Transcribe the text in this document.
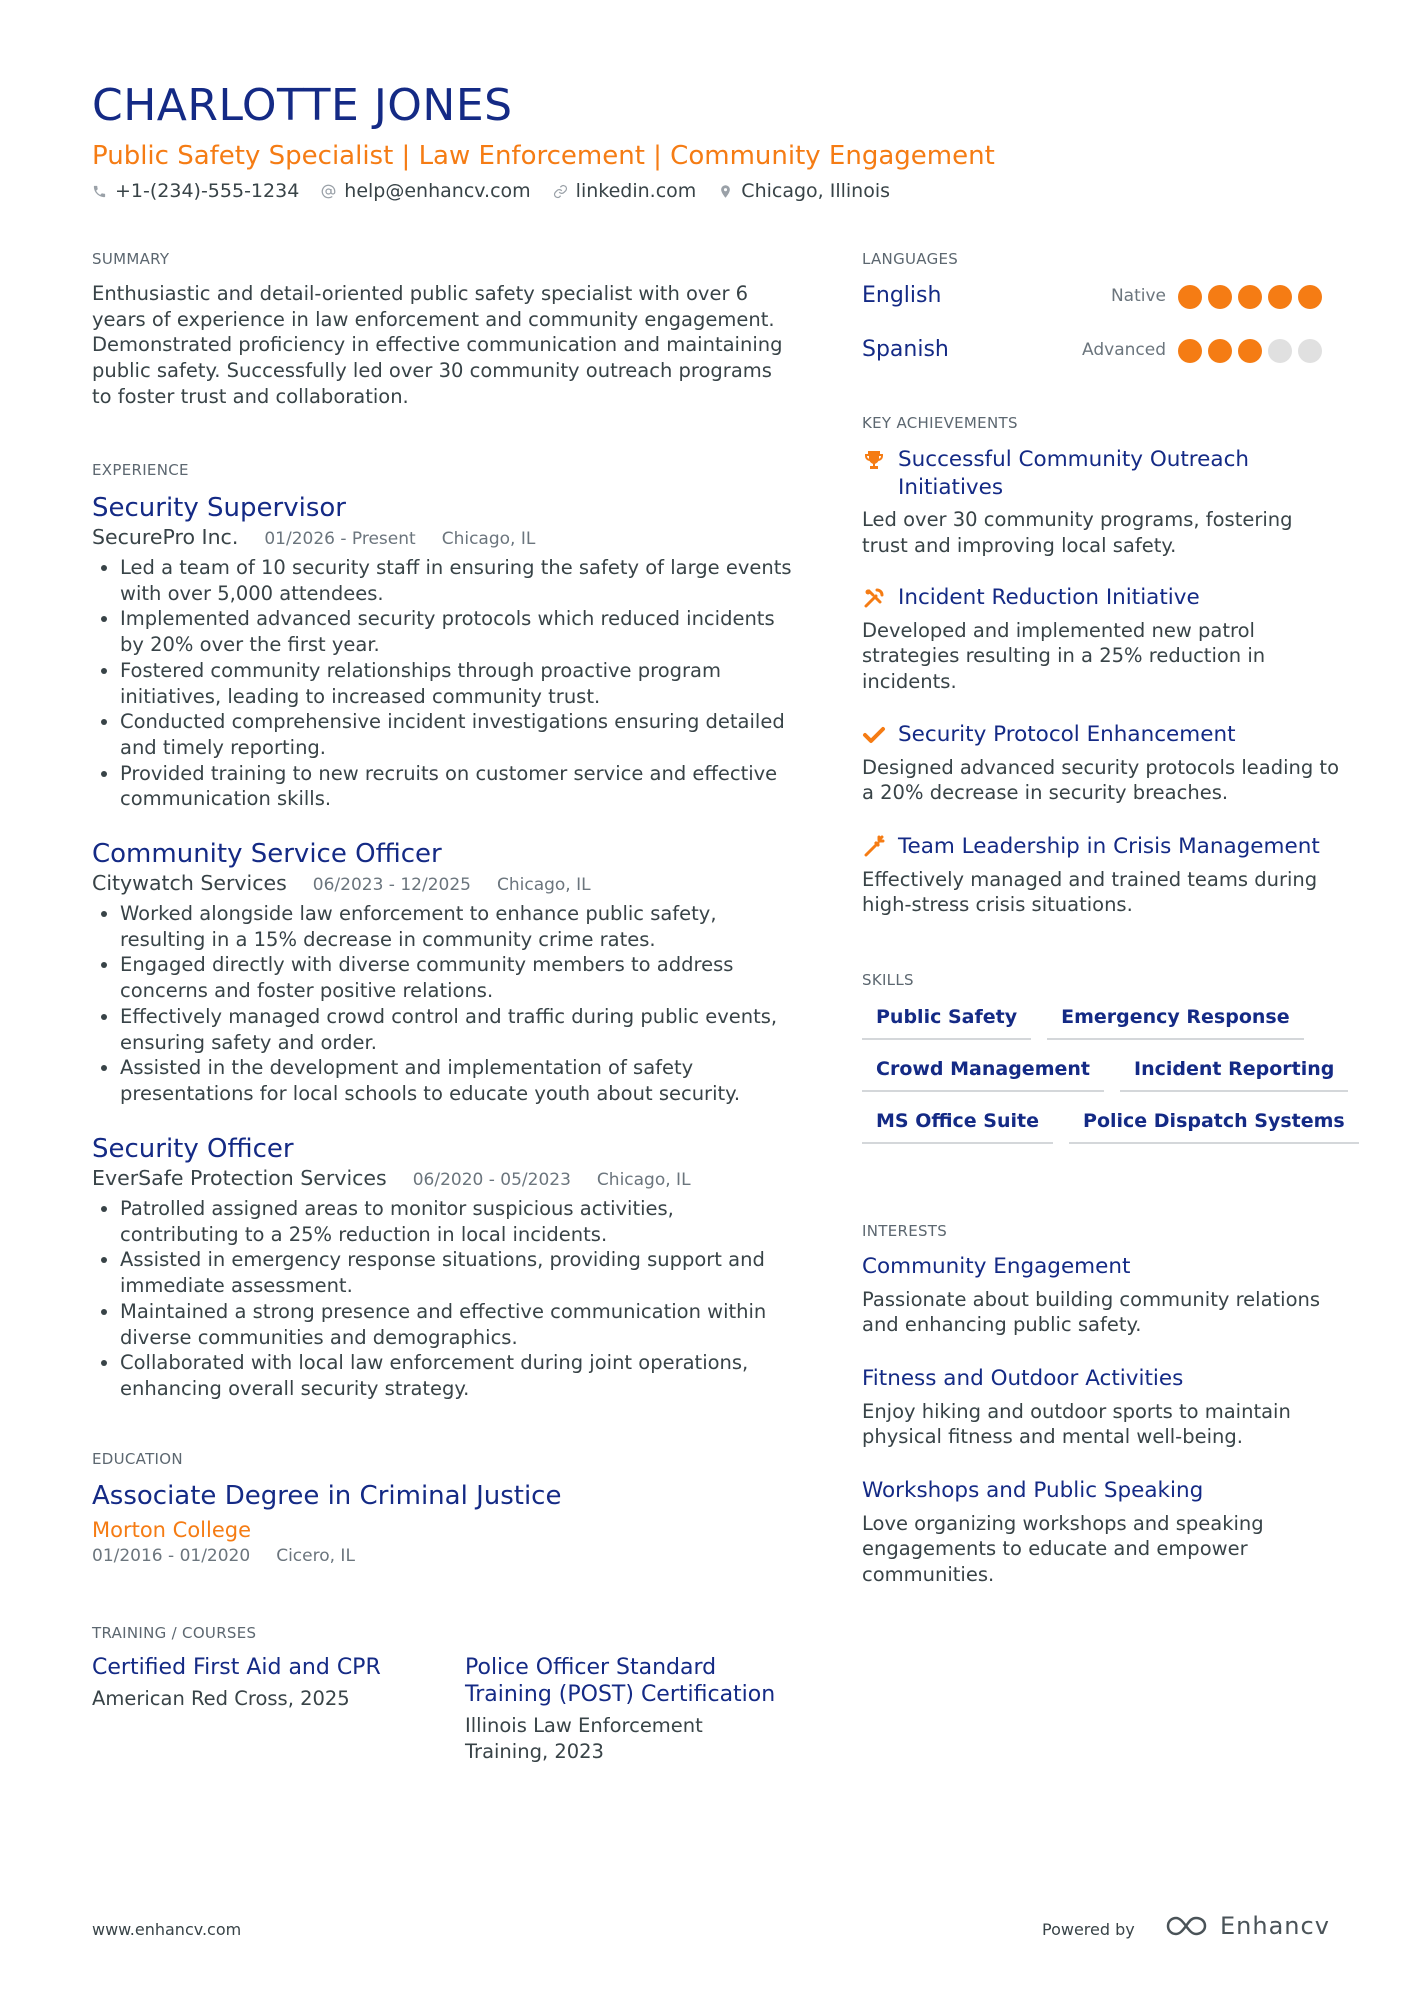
CHARLOTTE JONES
Public Safety Specialist | Law Enforcement | Community Engagement
+1-(234)-555-1234 help@enhancv.com linkedin.com Chicago, Illinois
SUMMARY
Enthusiastic and detail-oriented public safety specialist with over 6 years of experience in law enforcement and community engagement. Demonstrated proficiency in effective communication and maintaining public safety. Successfully led over 30 community outreach programs to foster trust and collaboration.
EXPERIENCE
Security Supervisor
SecurePro Inc. 01/2026 - Present Chicago, IL
• Led a team of 10 security staff in ensuring the safety of large events with over 5,000 attendees.
• Implemented advanced security protocols which reduced incidents by 20% over the first year.
• Fostered community relationships through proactive program initiatives, leading to increased community trust.
• Conducted comprehensive incident investigations ensuring detailed and timely reporting.
• Provided training to new recruits on customer service and effective communication skills.
Community Service Officer
Citywatch Services 06/2023 - 12/2025 Chicago, IL
• Worked alongside law enforcement to enhance public safety, resulting in a 15% decrease in community crime rates.
• Engaged directly with diverse community members to address concerns and foster positive relations.
• Effectively managed crowd control and traffic during public events, ensuring safety and order.
• Assisted in the development and implementation of safety presentations for local schools to educate youth about security.
Security Officer
EverSafe Protection Services 06/2020 - 05/2023 Chicago, IL
• Patrolled assigned areas to monitor suspicious activities, contributing to a 25% reduction in local incidents.
• Assisted in emergency response situations, providing support and immediate assessment.
• Maintained a strong presence and effective communication within diverse communities and demographics.
• Collaborated with local law enforcement during joint operations, enhancing overall security strategy.
EDUCATION
Associate Degree in Criminal Justice
Morton College
01/2016 - 01/2020 Cicero, IL
TRAINING / COURSES
Certified First Aid and CPR
American Red Cross, 2025
Police Officer Standard Training (POST) Certification
Illinois Law Enforcement Training, 2023
LANGUAGES
English	Native
Spanish	Advanced
KEY ACHIEVEMENTS
Successful Community Outreach Initiatives
Led over 30 community programs, fostering trust and improving local safety.
Incident Reduction Initiative
Developed and implemented new patrol strategies resulting in a 25% reduction in incidents.
Security Protocol Enhancement
Designed advanced security protocols leading to a 20% decrease in security breaches.
Team Leadership in Crisis Management
Effectively managed and trained teams during high-stress crisis situations.
SKILLS
Public Safety	Emergency Response
Crowd Management	Incident Reporting
MS Office Suite	Police Dispatch Systems
INTERESTS
Community Engagement
Passionate about building community relations and enhancing public safety.
Fitness and Outdoor Activities
Enjoy hiking and outdoor sports to maintain physical fitness and mental well-being.
Workshops and Public Speaking
Love organizing workshops and speaking engagements to educate and empower communities.
www.enhancv.com	Powered by	Enhancv
